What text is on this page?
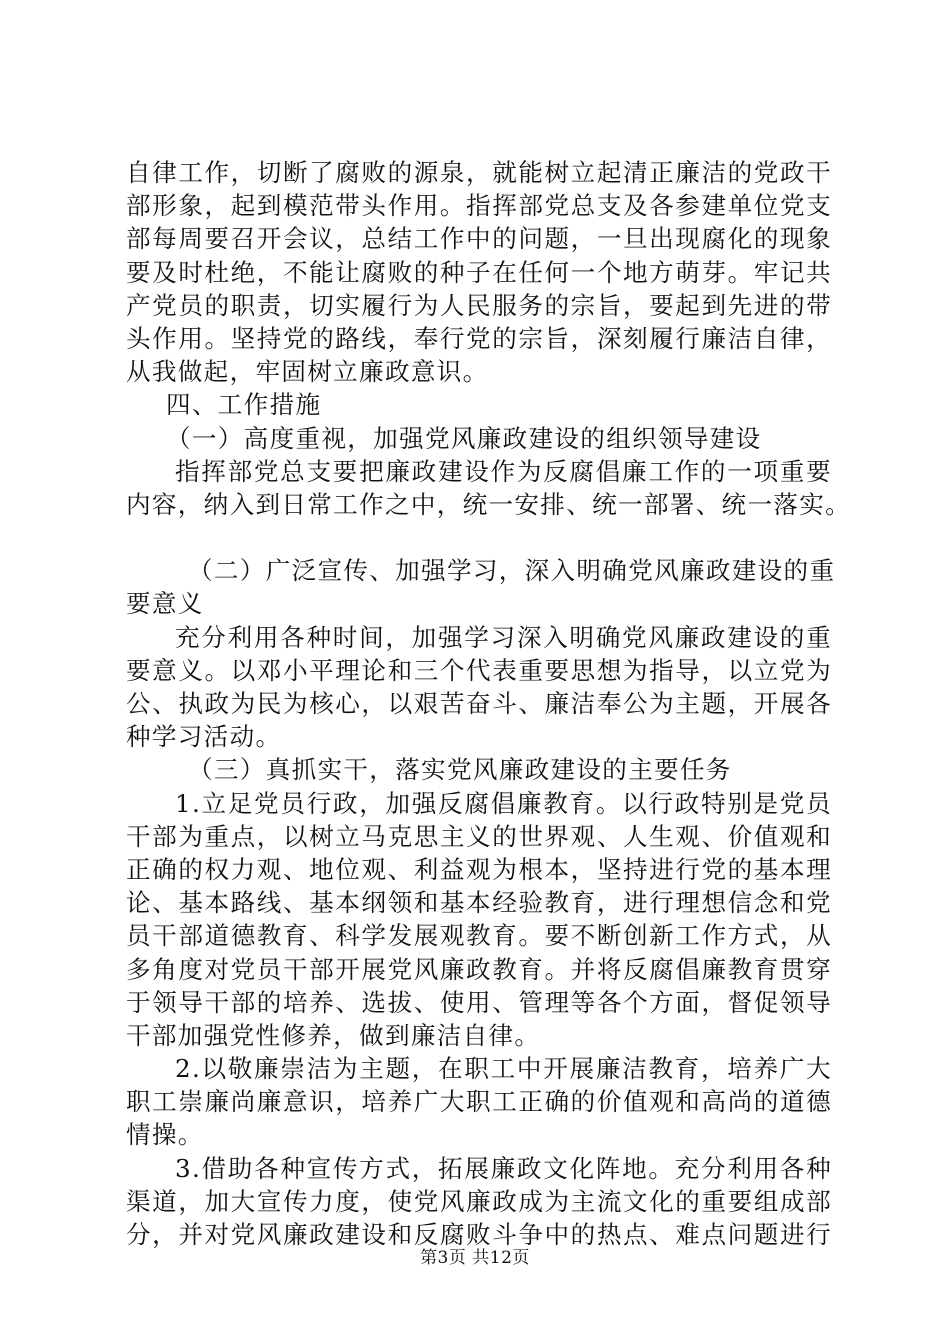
自律工作，切断了腐败的源泉，就能树立起清正廉洁的党政干
部形象，起到模范带头作用。指挥部党总支及各参建单位党支
部每周要召开会议，总结工作中的问题，一旦出现腐化的现象
要及时杜绝，不能让腐败的种子在任何一个地方萌芽。牢记共
产党员的职责，切实履行为人民服务的宗旨，要起到先进的带
头作用。坚持党的路线，奉行党的宗旨，深刻履行廉洁自律，
从我做起，牢固树立廉政意识。
四、工作措施
（一）高度重视，加强党风廉政建设的组织领导建设
指挥部党总支要把廉政建设作为反腐倡廉工作的一项重要
内容，纳入到日常工作之中，统一安排、统一部署、统一落实。
（二）广泛宣传、加强学习，深入明确党风廉政建设的重
要意义
充分利用各种时间，加强学习深入明确党风廉政建设的重
要意义。以邓小平理论和三个代表重要思想为指导，以立党为
公、执政为民为核心，以艰苦奋斗、廉洁奉公为主题，开展各
种学习活动。
（三）真抓实干，落实党风廉政建设的主要任务
1.立足党员行政，加强反腐倡廉教育。以行政特别是党员
干部为重点，以树立马克思主义的世界观、人生观、价值观和
正确的权力观、地位观、利益观为根本，坚持进行党的基本理
论、基本路线、基本纲领和基本经验教育，进行理想信念和党
员干部道德教育、科学发展观教育。要不断创新工作方式，从
多角度对党员干部开展党风廉政教育。并将反腐倡廉教育贯穿
于领导干部的培养、选拔、使用、管理等各个方面，督促领导
干部加强党性修养，做到廉洁自律。
2.以敬廉崇洁为主题，在职工中开展廉洁教育，培养广大
职工崇廉尚廉意识，培养广大职工正确的价值观和高尚的道德
情操。
3.借助各种宣传方式，拓展廉政文化阵地。充分利用各种
渠道，加大宣传力度，使党风廉政成为主流文化的重要组成部
分，并对党风廉政建设和反腐败斗争中的热点、难点问题进行
第3页 共12页
